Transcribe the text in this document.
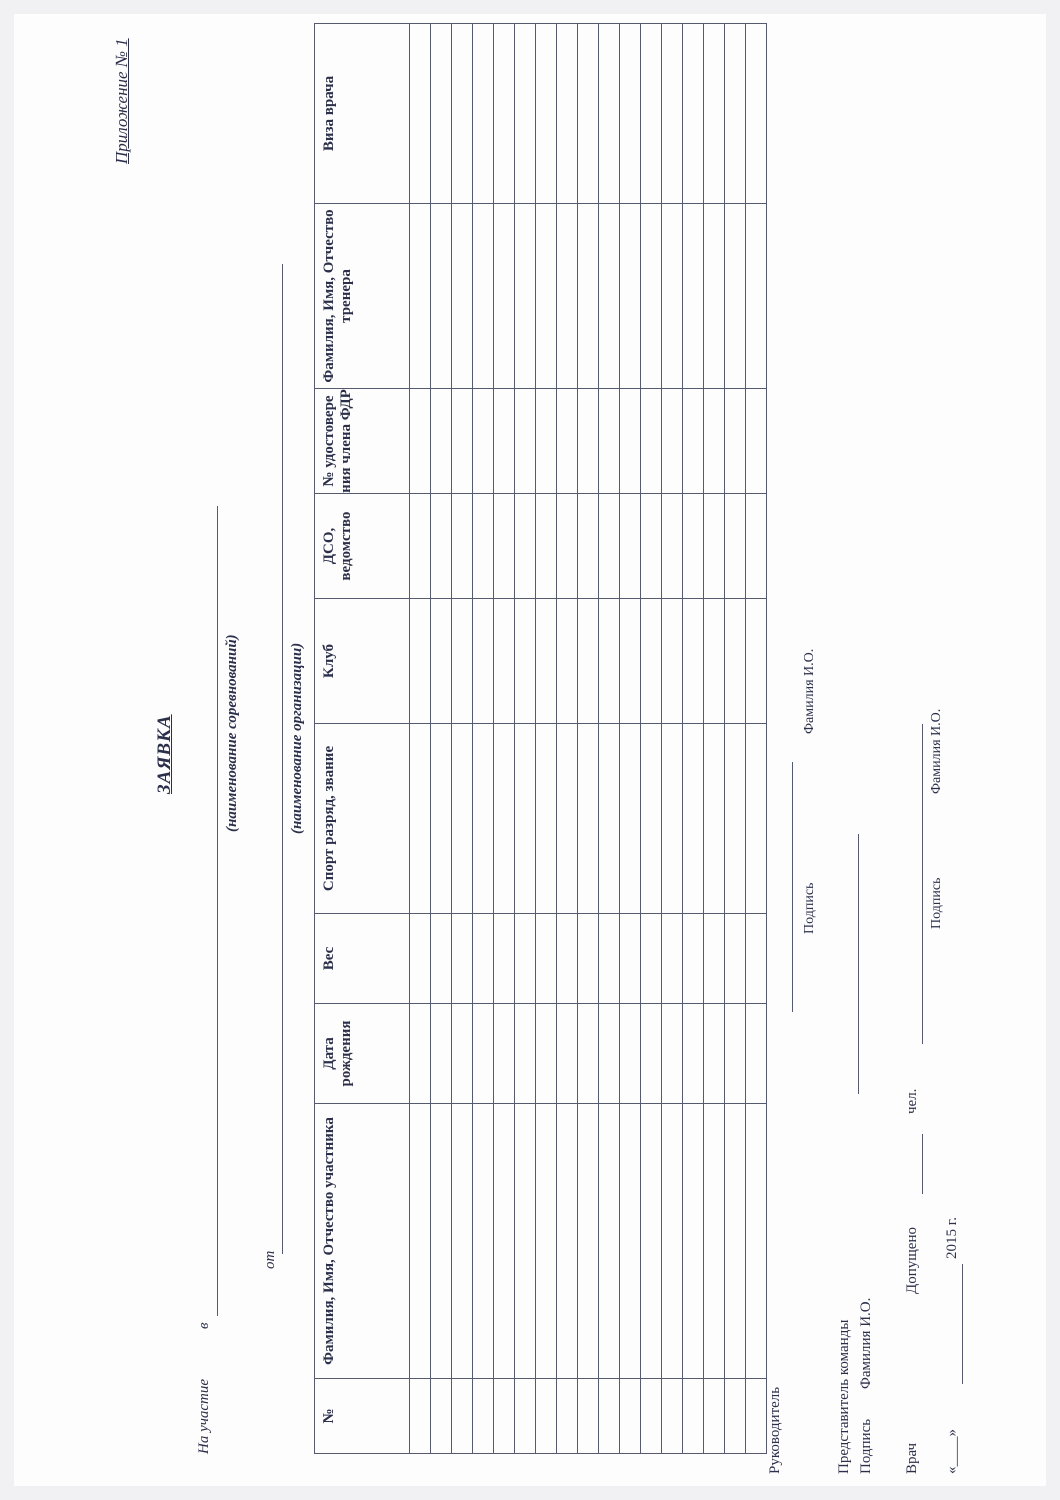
Приложение № 1
ЗАЯВКА
На участие
в
(наименование соревнований)
от
(наименование организации)
№	Фамилия, Имя, Отчество участника	Дата рождения	Вес	Спорт разряд, звание	Клуб	ДСО, ведомство	№ удостовере ния члена ФДР	Фамилия, Имя, Отчество тренера	Виза врача

Руководитель
Подпись
Фамилия И.О.
Представитель команды Подпись
Фамилия И.О.
Врач
Допущено
чел.
Подпись
Фамилия И.О.
«____»
2015 г.
